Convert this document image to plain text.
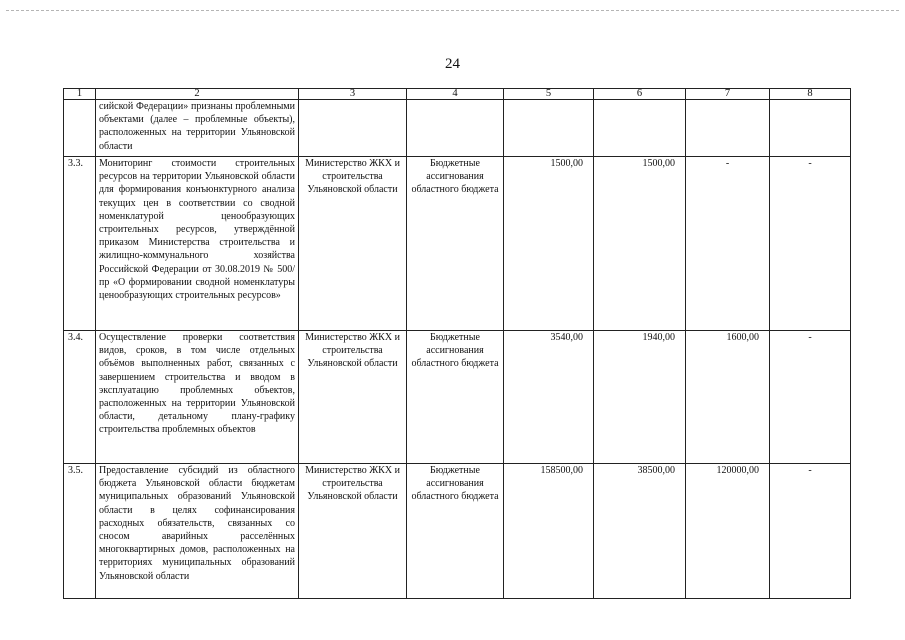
24
1	2	3	4	5	6	7	8
	сийской Федерации» признаны проблемными объектами (далее – проблемные объекты), расположенных на территории Ульяновской области						
3.3.	Мониторинг стоимости строительных ресурсов на территории Ульяновской области для формирования конъюнктурного анализа текущих цен в соответствии со сводной номенклатурой ценообразующих строительных ресурсов, утверждённой приказом Министерства строительства и жилищно-коммунального хозяйства Российской Федерации от 30.08.2019 № 500/пр «О формировании сводной номенклатуры ценообразующих строительных ресурсов»	Министерство ЖКХ и строительства Ульяновской области	Бюджетные ассигнования областного бюджета	1500,00	1500,00	-	-
3.4.	Осуществление проверки соответствия видов, сроков, в том числе отдельных объёмов выполненных работ, связанных с завершением строительства и вводом в эксплуатацию проблемных объектов, расположенных на территории Ульяновской области, детальному плану-графику строительства проблемных объектов	Министерство ЖКХ и строительства Ульяновской области	Бюджетные ассигнования областного бюджета	3540,00	1940,00	1600,00	-
3.5.	Предоставление субсидий из областного бюджета Ульяновской области бюджетам муниципальных образований Ульяновской области в целях софинансирования расходных обязательств, связанных со сносом аварийных расселённых многоквартирных домов, расположенных на территориях муниципальных образований Ульяновской области	Министерство ЖКХ и строительства Ульяновской области	Бюджетные ассигнования областного бюджета	158500,00	38500,00	120000,00	-
